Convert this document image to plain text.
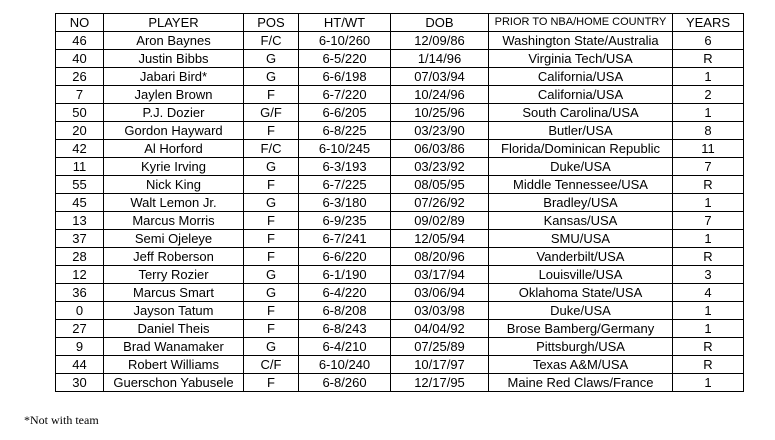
NO	PLAYER	POS	HT/WT	DOB	PRIOR TO NBA/HOME COUNTRY	YEARS
46	Aron Baynes	F/C	6-10/260	12/09/86	Washington State/Australia	6
40	Justin Bibbs	G	6-5/220	1/14/96	Virginia Tech/USA	R
26	Jabari Bird*	G	6-6/198	07/03/94	California/USA	1
7	Jaylen Brown	F	6-7/220	10/24/96	California/USA	2
50	P.J. Dozier	G/F	6-6/205	10/25/96	South Carolina/USA	1
20	Gordon Hayward	F	6-8/225	03/23/90	Butler/USA	8
42	Al Horford	F/C	6-10/245	06/03/86	Florida/Dominican Republic	11
11	Kyrie Irving	G	6-3/193	03/23/92	Duke/USA	7
55	Nick King	F	6-7/225	08/05/95	Middle Tennessee/USA	R
45	Walt Lemon Jr.	G	6-3/180	07/26/92	Bradley/USA	1
13	Marcus Morris	F	6-9/235	09/02/89	Kansas/USA	7
37	Semi Ojeleye	F	6-7/241	12/05/94	SMU/USA	1
28	Jeff Roberson	F	6-6/220	08/20/96	Vanderbilt/USA	R
12	Terry Rozier	G	6-1/190	03/17/94	Louisville/USA	3
36	Marcus Smart	G	6-4/220	03/06/94	Oklahoma State/USA	4
0	Jayson Tatum	F	6-8/208	03/03/98	Duke/USA	1
27	Daniel Theis	F	6-8/243	04/04/92	Brose Bamberg/Germany	1
9	Brad Wanamaker	G	6-4/210	07/25/89	Pittsburgh/USA	R
44	Robert Williams	C/F	6-10/240	10/17/97	Texas A&M/USA	R
30	Guerschon Yabusele	F	6-8/260	12/17/95	Maine Red Claws/France	1
*Not with team
